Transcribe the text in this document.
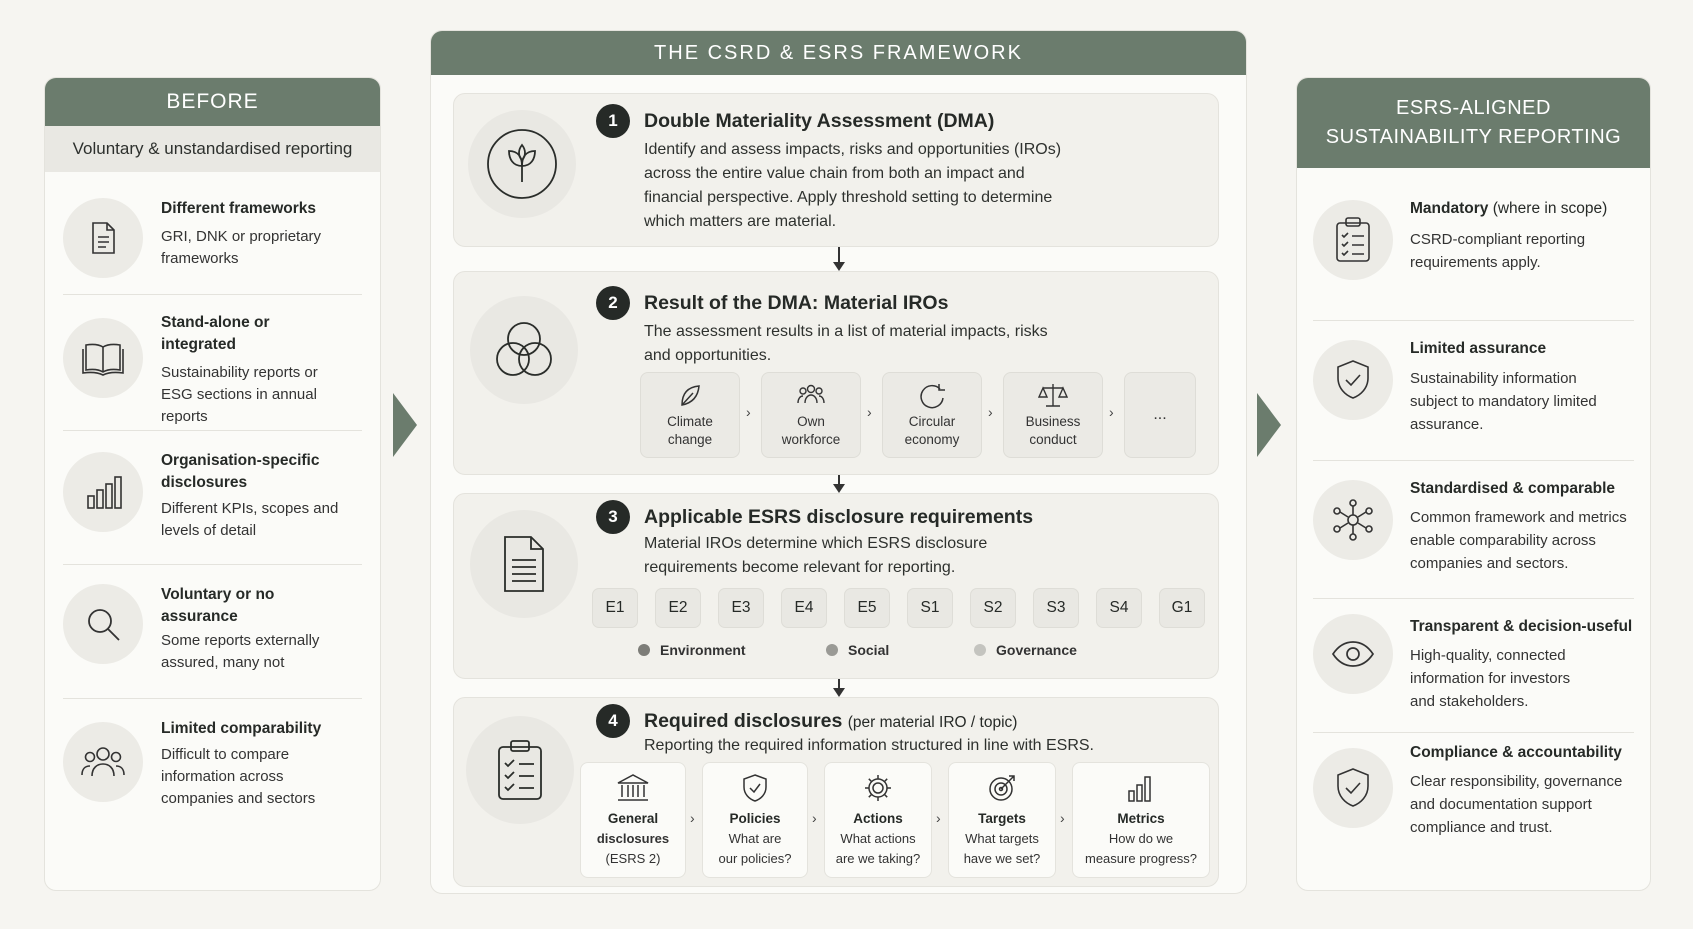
BEFORE
Voluntary & unstandardised reporting
Different frameworks
GRI, DNK or proprietary frameworks
Stand-alone or integrated
Sustainability reports or ESG sections in annual reports
Organisation-specific disclosures
Different KPIs, scopes and levels of detail
Voluntary or no assurance
Some reports externally assured, many not
Limited comparability
Difficult to compare information across companies and sectors
THE CSRD & ESRS FRAMEWORK
1	Double Materiality Assessment (DMA)
Identify and assess impacts, risks and opportunities (IROs) across the entire value chain from both an impact and financial perspective. Apply threshold setting to determine which matters are material.
2	Result of the DMA: Material IROs
The assessment results in a list of material impacts, risks and opportunities.
Climate
change
›
Own
workforce
›
Circular
economy
›
Business
conduct
›	...
3	Applicable ESRS disclosure requirements
Material IROs determine which ESRS disclosure requirements become relevant for reporting.
E1	E2	E3	E4	E5	S1	S2	S3	S4	G1
Environment	Social	Governance
4	Required disclosures (per material IRO / topic)
Reporting the required information structured in line with ESRS.
General
disclosures
(ESRS 2)
›	Policies
What are
our policies?
›	Actions
What actions
are we taking?
›	Targets
What targets
have we set?
›	Metrics
How do we
measure progress?
ESRS-ALIGNED
SUSTAINABILITY REPORTING
Mandatory (where in scope)
CSRD-compliant reporting requirements apply.
Limited assurance
Sustainability information subject to mandatory limited assurance.
Standardised & comparable
Common framework and metrics enable comparability across companies and sectors.
Transparent & decision-useful
High-quality, connected information for investors and stakeholders.
Compliance & accountability
Clear responsibility, governance and documentation support compliance and trust.
